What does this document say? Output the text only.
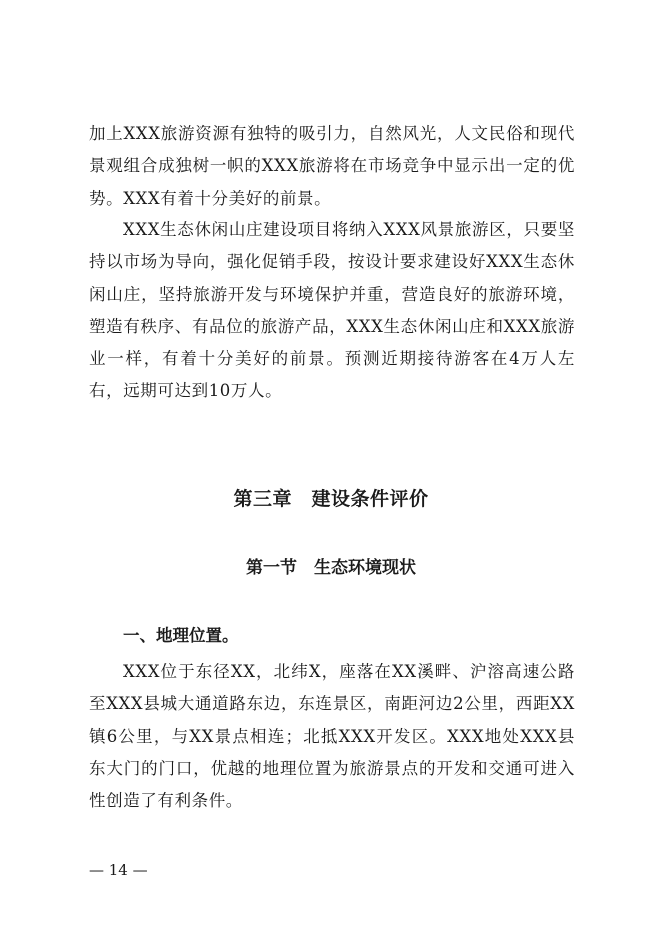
加上XXX旅游资源有独特的吸引力，自然风光，人文民俗和现代景观组合成独树一帜的XXX旅游将在市场竞争中显示出一定的优势。XXX有着十分美好的前景。

XXX生态休闲山庄建设项目将纳入XXX风景旅游区，只要坚持以市场为导向，强化促销手段，按设计要求建设好XXX生态休闲山庄，坚持旅游开发与环境保护并重，营造良好的旅游环境，塑造有秩序、有品位的旅游产品，XXX生态休闲山庄和XXX旅游业一样，有着十分美好的前景。预测近期接待游客在4万人左右，远期可达到10万人。

第三章　建设条件评价
第一节　生态环境现状
一、地理位置。

XXX位于东径XX，北纬X，座落在XX溪畔、沪溶高速公路至XXX县城大通道路东边，东连景区，南距河边2公里，西距XX镇6公里，与XX景点相连；北抵XXX开发区。XXX地处XXX县东大门的门口，优越的地理位置为旅游景点的开发和交通可进入性创造了有利条件。

— 14 —
